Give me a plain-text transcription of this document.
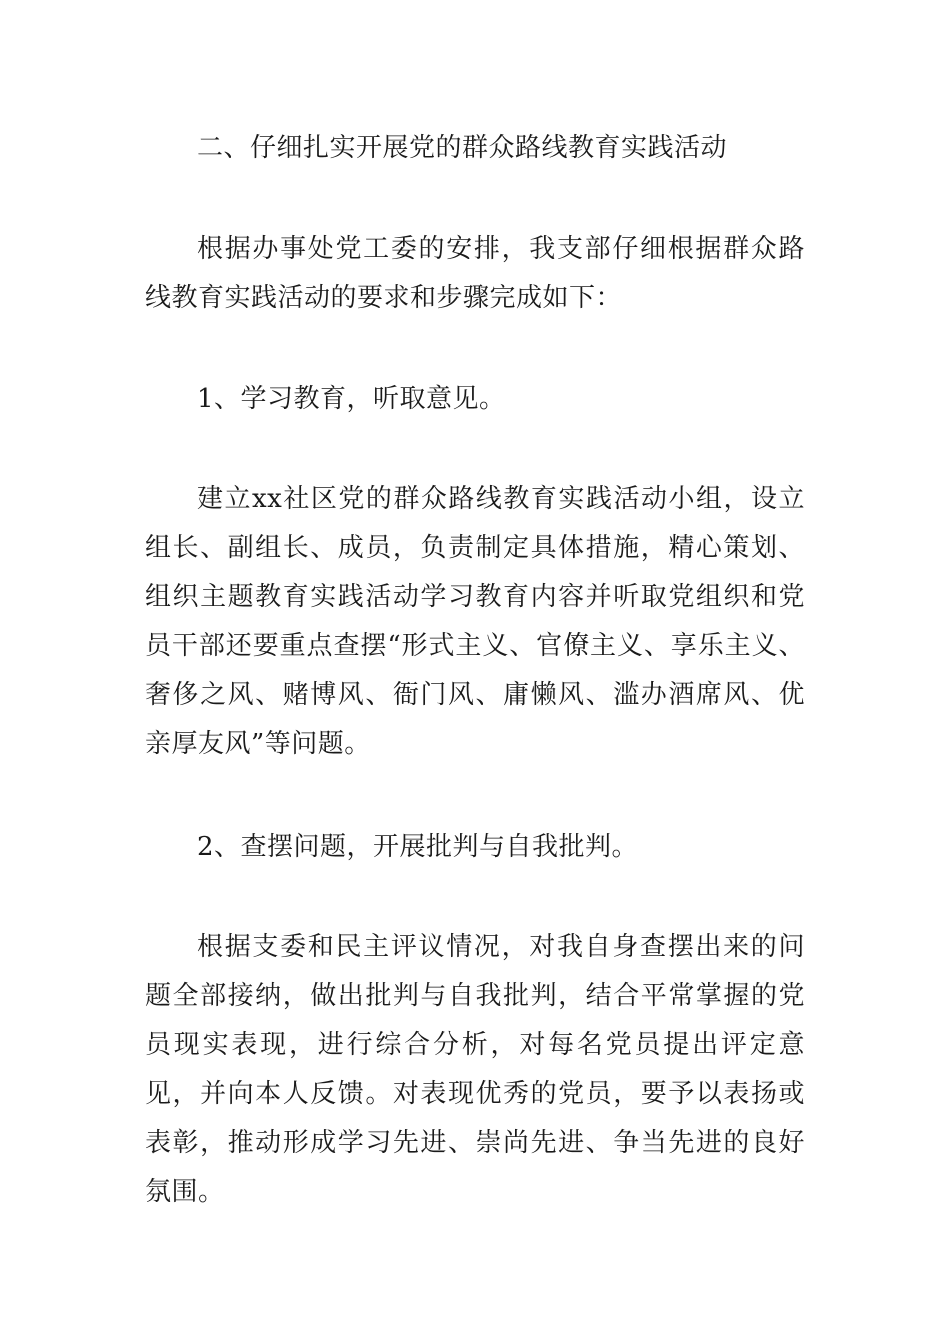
二、仔细扎实开展党的群众路线教育实践活动

根据办事处党工委的安排，我支部仔细根据群众路线教育实践活动的要求和步骤完成如下：

1、学习教育，听取意见。

建立xx社区党的群众路线教育实践活动小组，设立组长、副组长、成员，负责制定具体措施，精心策划、组织主题教育实践活动学习教育内容并听取党组织和党员干部还要重点查摆“形式主义、官僚主义、享乐主义、奢侈之风、赌博风、衙门风、庸懒风、滥办酒席风、优亲厚友风”等问题。

2、查摆问题，开展批判与自我批判。

根据支委和民主评议情况，对我自身查摆出来的问题全部接纳，做出批判与自我批判，结合平常掌握的党员现实表现，进行综合分析，对每名党员提出评定意见，并向本人反馈。对表现优秀的党员，要予以表扬或表彰，推动形成学习先进、崇尚先进、争当先进的良好氛围。
